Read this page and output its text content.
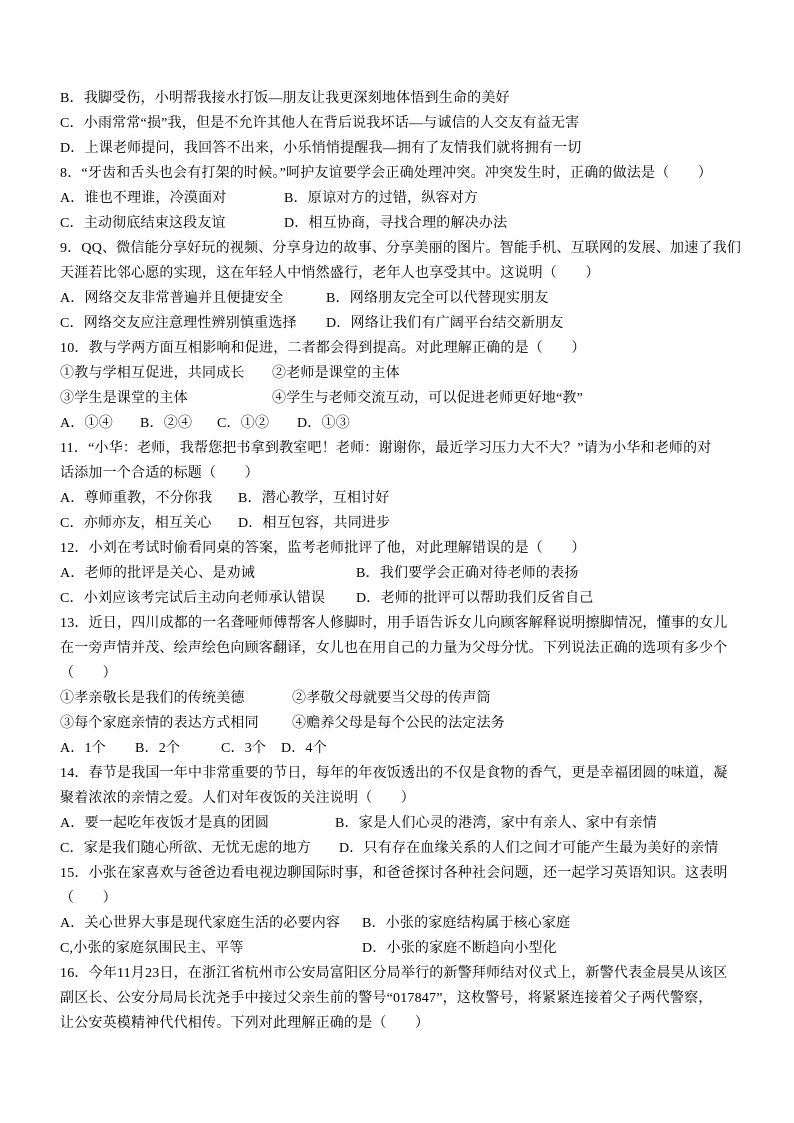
B．我脚受伤，小明帮我接水打饭—朋友让我更深刻地体悟到生命的美好
C．小雨常常“损”我，但是不允许其他人在背后说我坏话—与诚信的人交友有益无害
D．上课老师提问，我回答不出来，小乐悄悄提醒我—拥有了友情我们就将拥有一切
8．“牙齿和舌头也会有打架的时候。”呵护友谊要学会正确处理冲突。冲突发生时，正确的做法是（　　）
A．谁也不理谁，冷漠面对	B．原谅对方的过错，纵容对方
C．主动彻底结束这段友谊	D．相互协商，寻找合理的解决办法
9．QQ、微信能分享好玩的视频、分享身边的故事、分享美丽的图片。智能手机、互联网的发展、加速了我们
天涯若比邻心愿的实现，这在年轻人中悄然盛行，老年人也享受其中。这说明（　　）
A．网络交友非常普遍并且便捷安全	B．网络朋友完全可以代替现实朋友
C．网络交友应注意理性辨别慎重选择 D．网络让我们有广阔平台结交新朋友
10．教与学两方面互相影响和促进，二者都会得到提高。对此理解正确的是（　　）
①教与学相互促进，共同成长 ②老师是课堂的主体
③学生是课堂的主体	④学生与老师交流互动，可以促进老师更好地“教”
A．①④ B．②④ C．①② D．①③
11．“小华：老师，我帮您把书拿到教室吧！老师：谢谢你，最近学习压力大不大？”请为小华和老师的对
话添加一个合适的标题（　　）
A．尊师重教，不分你我 B．潜心教学，互相讨好
C．亦师亦友，相互关心 D．相互包容，共同进步
12．小刘在考试时偷看同桌的答案，监考老师批评了他，对此理解错误的是（　　）
A．老师的批评是关心、是劝诫	B．我们要学会正确对待老师的表扬
C．小刘应该考完试后主动向老师承认错误 D．老师的批评可以帮助我们反省自己
13．近日，四川成都的一名聋哑师傅帮客人修脚时，用手语告诉女儿向顾客解释说明擦脚情况，懂事的女儿
在一旁声情并茂、绘声绘色向顾客翻译，女儿也在用自己的力量为父母分忧。下列说法正确的选项有多少个
（　　）
①孝亲敬长是我们的传统美德	②孝敬父母就要当父母的传声筒
③每个家庭亲情的表达方式相同 ④赡养父母是每个公民的法定法务
A．1个 B．2个	C．3个 D．4个
14．春节是我国一年中非常重要的节日，每年的年夜饭透出的不仅是食物的香气，更是幸福团圆的味道，凝
聚着浓浓的亲情之爱。人们对年夜饭的关注说明（　　）
A．要一起吃年夜饭才是真的团圆	B．家是人们心灵的港湾，家中有亲人、家中有亲情
C．家是我们随心所欲、无忧无虑的地方 D．只有存在血缘关系的人们之间才可能产生最为美好的亲情
15．小张在家喜欢与爸爸边看电视边聊国际时事，和爸爸探讨各种社会问题，还一起学习英语知识。这表明
（　　）
A．关心世界大事是现代家庭生活的必要内容 B．小张的家庭结构属于核心家庭
C,小张的家庭氛围民主、平等	D．小张的家庭不断趋向小型化
16．今年11月23日，在浙江省杭州市公安局富阳区分局举行的新警拜师结对仪式上，新警代表金晨昊从该区
副区长、公安分局局长沈尧手中接过父亲生前的警号“017847”，这枚警号，将紧紧连接着父子两代警察，
让公安英模精神代代相传。下列对此理解正确的是（　　）
